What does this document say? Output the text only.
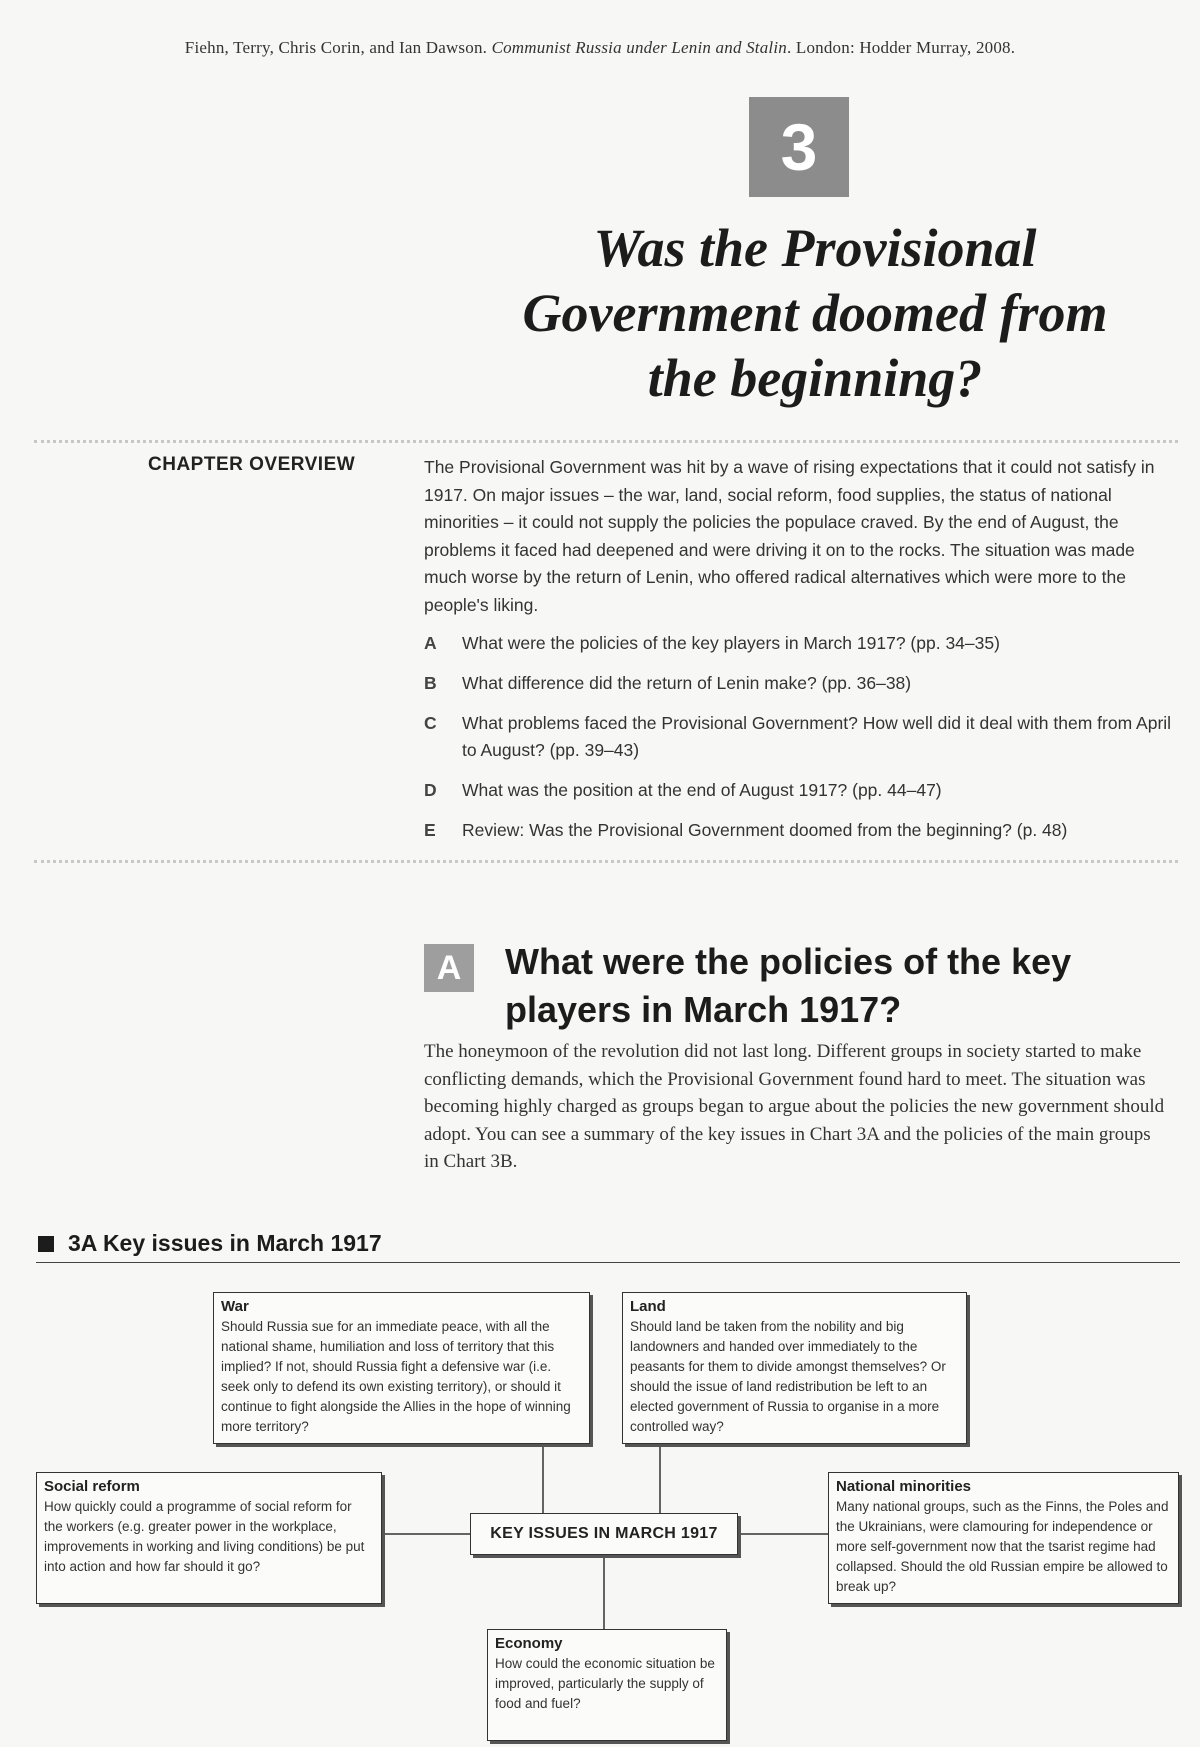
Fiehn, Terry, Chris Corin, and Ian Dawson. Communist Russia under Lenin and Stalin. London: Hodder Murray, 2008.
3
Was the Provisional
Government doomed from
the beginning?
CHAPTER OVERVIEW	The Provisional Government was hit by a wave of rising expectations that it could not satisfy in 1917. On major issues – the war, land, social reform, food supplies, the status of national minorities – it could not supply the policies the populace craved. By the end of August, the problems it faced had deepened and were driving it on to the rocks. The situation was made much worse by the return of Lenin, who offered radical alternatives which were more to the people's liking.
A	What were the policies of the key players in March 1917? (pp. 34–35)
B	What difference did the return of Lenin make? (pp. 36–38)
C	What problems faced the Provisional Government? How well did it deal with them from April to August? (pp. 39–43)
D	What was the position at the end of August 1917? (pp. 44–47)
E	Review: Was the Provisional Government doomed from the beginning? (p. 48)
A	What were the policies of the key players in March 1917?
The honeymoon of the revolution did not last long. Different groups in society started to make conflicting demands, which the Provisional Government found hard to meet. The situation was becoming highly charged as groups began to argue about the policies the new government should adopt. You can see a summary of the key issues in Chart 3A and the policies of the main groups in Chart 3B.
3A Key issues in March 1917
War
Should Russia sue for an immediate peace, with all the national shame, humiliation and loss of territory that this implied? If not, should Russia fight a defensive war (i.e. seek only to defend its own existing territory), or should it continue to fight alongside the Allies in the hope of winning more territory?
Land
Should land be taken from the nobility and big landowners and handed over immediately to the peasants for them to divide amongst themselves? Or should the issue of land redistribution be left to an elected government of Russia to organise in a more controlled way?
Social reform
How quickly could a programme of social reform for the workers (e.g. greater power in the workplace, improvements in working and living conditions) be put into action and how far should it go?
KEY ISSUES IN MARCH 1917
National minorities
Many national groups, such as the Finns, the Poles and the Ukrainians, were clamouring for independence or more self-government now that the tsarist regime had collapsed. Should the old Russian empire be allowed to break up?
Economy
How could the economic situation be improved, particularly the supply of food and fuel?
